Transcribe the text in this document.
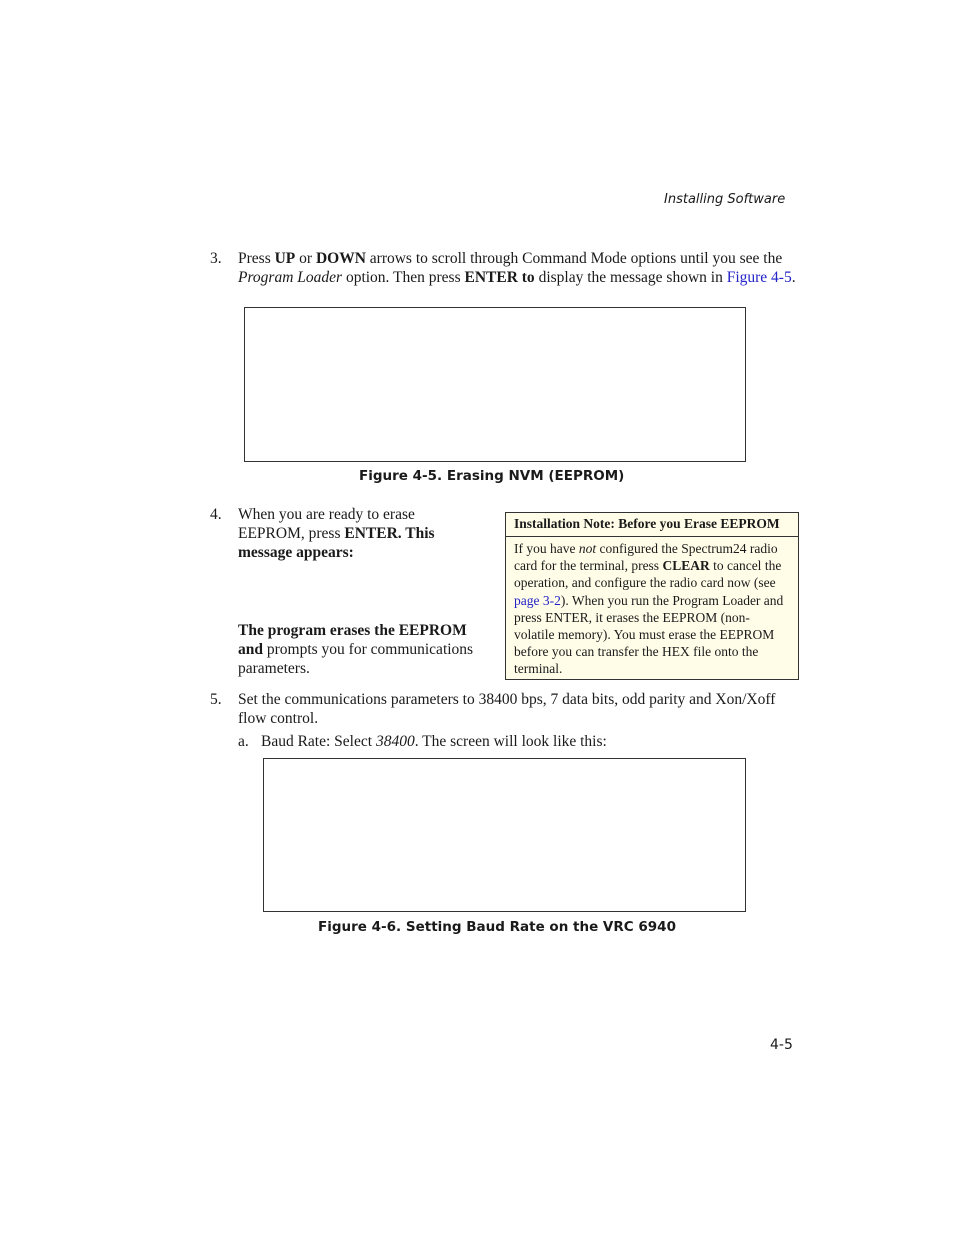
Installing Software
3. Press UP or DOWN arrows to scroll through Command Mode options until you see the Program Loader option. Then press ENTER to display the message shown in Figure 4-5.
Figure 4-5. Erasing NVM (EEPROM)
4. When you are ready to erase EEPROM, press ENTER. This message appears:
The program erases the EEPROM and prompts you for communications parameters.
Installation Note: Before you Erase EEPROM
If you have not configured the Spectrum24 radio card for the terminal, press CLEAR to cancel the operation, and configure the radio card now (see page 3-2). When you run the Program Loader and press ENTER, it erases the EEPROM (non-volatile memory). You must erase the EEPROM before you can transfer the HEX file onto the terminal.
5. Set the communications parameters to 38400 bps, 7 data bits, odd parity and Xon/Xoff flow control.
a. Baud Rate: Select 38400. The screen will look like this:
Figure 4-6. Setting Baud Rate on the VRC 6940
4-5
